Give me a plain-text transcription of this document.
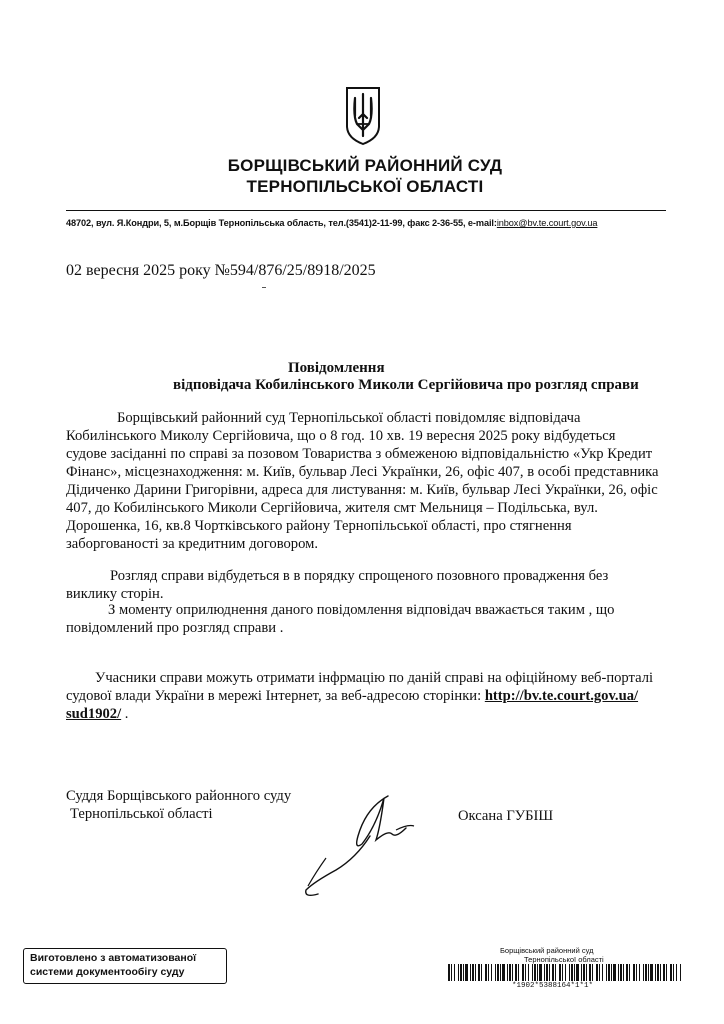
БОРЩІВСЬКИЙ РАЙОННИЙ СУД
ТЕРНОПІЛЬСЬКОЇ ОБЛАСТІ
48702, вул. Я.Кондри, 5, м.Борщів Тернопільська область, тел.(3541)2-11-99, факс 2-36-55, e-mail:inbox@bv.te.court.gov.ua
02 вересня 2025 року №594/876/25/8918/2025
Повідомлення
відповідача Кобилінського Миколи Сергійовича про розгляд справи
Борщівський районний суд Тернопільської області повідомляє відповідача
Кобилінського Миколу Сергійовича, що о 8 год. 10 хв. 19 вересня 2025 року відбудеться
судове засіданні по справі за позовом Товариства з обмеженою відповідальністю «Укр Кредит
Фінанс», місцезнаходження: м. Київ, бульвар Лесі Українки, 26, офіс 407, в особі представника
Дідиченко Дарини Григорівни, адреса для листування: м. Київ, бульвар Лесі Українки, 26, офіс
407, до Кобилінського Миколи Сергійовича, жителя смт Мельниця – Подільська, вул.
Дорошенка, 16, кв.8 Чортківського району Тернопільської області, про стягнення
заборгованості за кредитним договором.
Розгляд справи відбудеться в в порядку спрощеного позовного провадження без
виклику сторін.
З моменту оприлюднення даного повідомлення відповідач вважається таким , що
повідомлений про розгляд справи .
Учасники справи можуть отримати інфрмацію по даній справі на офіційному веб-порталі
судової влади України в мережі Інтернет, за веб-адресою сторінки: http://bv.te.court.gov.ua/
sud1902/ .
Суддя Борщівського районного суду
Тернопільської області	Оксана ГУБІШ
Виготовлено з автоматизованої
системи документообігу суду
Борщівський районний суд
Тернопільської області
*1902*5388164*1*1*
